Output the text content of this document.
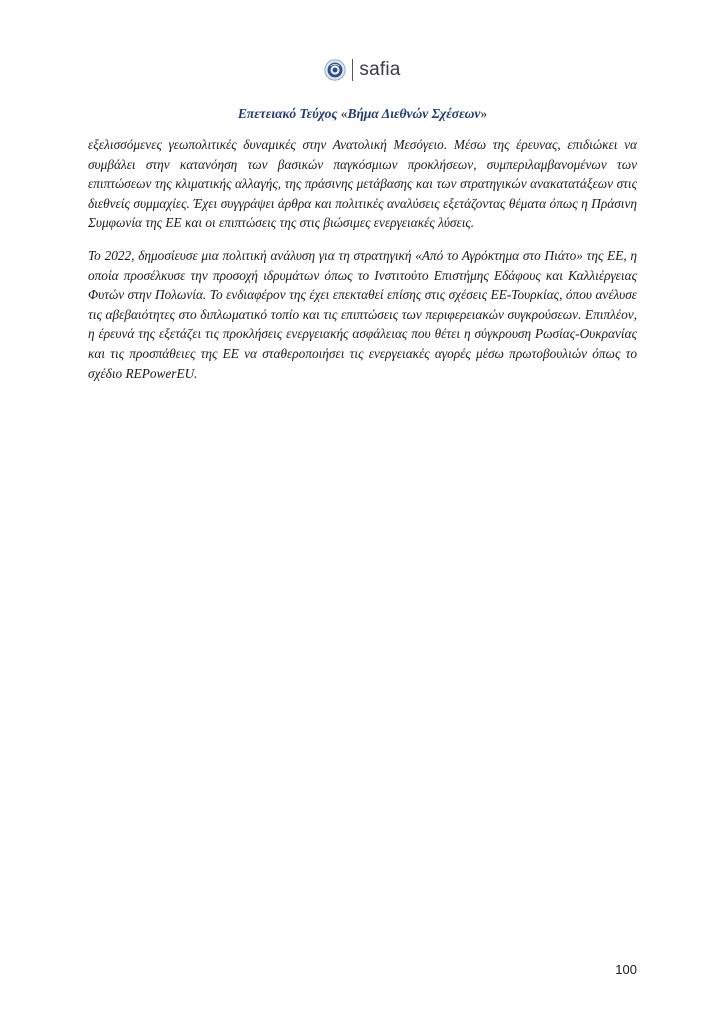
safia
Επετειακό Τεύχος «Βήμα Διεθνών Σχέσεων»

εξελισσόμενες γεωπολιτικές δυναμικές στην Ανατολική Μεσόγειο. Μέσω της έρευνας, επιδιώκει να συμβάλει στην κατανόηση των βασικών παγκόσμιων προκλήσεων, συμπεριλαμβανομένων των επιπτώσεων της κλιματικής αλλαγής, της πράσινης μετάβασης και των στρατηγικών ανακατατάξεων στις διεθνείς συμμαχίες. Έχει συγγράψει άρθρα και πολιτικές αναλύσεις εξετάζοντας θέματα όπως η Πράσινη Συμφωνία της ΕΕ και οι επιπτώσεις της στις βιώσιμες ενεργειακές λύσεις.

Το 2022, δημοσίευσε μια πολιτική ανάλυση για τη στρατηγική «Από το Αγρόκτημα στο Πιάτο» της ΕΕ, η οποία προσέλκυσε την προσοχή ιδρυμάτων όπως το Ινστιτούτο Επιστήμης Εδάφους και Καλλιέργειας Φυτών στην Πολωνία. Το ενδιαφέρον της έχει επεκταθεί επίσης στις σχέσεις ΕΕ-Τουρκίας, όπου ανέλυσε τις αβεβαιότητες στο διπλωματικό τοπίο και τις επιπτώσεις των περιφερειακών συγκρούσεων. Επιπλέον, η έρευνά της εξετάζει τις προκλήσεις ενεργειακής ασφάλειας που θέτει η σύγκρουση Ρωσίας-Ουκρανίας και τις προσπάθειες της ΕΕ να σταθεροποιήσει τις ενεργειακές αγορές μέσω πρωτοβουλιών όπως το σχέδιο REPowerEU.

100
